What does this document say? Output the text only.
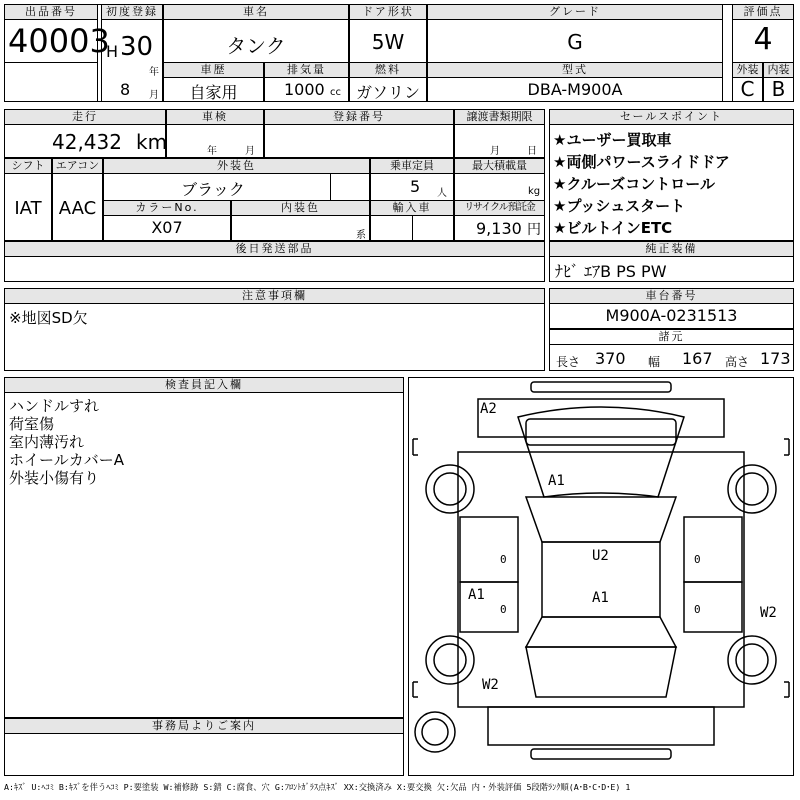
出品番号
40003
初度登録
H 30
年
8 月
車名
タンク
ドア形状
5W
グレード
G
評価点
4
車歴	排気量	燃料	型式	外装 内装
自家用	1000 cc ガソリン	DBA-M900A	C B
走行
42,432 km
車検
年	月
登録番号	譲渡書類期限
月	日
シフト
IAT
エアコン
AAC
外装色
ブラック
乗車定員
5 人
最大積載量
kg
カラーNo.
X07
内装色
系
輸入車	リサイクル預託金
9,130 円
後日発送部品
セールスポイント
★ユーザー買取車
★両側パワースライドドア
★クルーズコントロール
★プッシュスタート
★ビルトインETC
純正装備
ﾅﾋﾞ ｴｱB PS PW
注意事項欄
※地図SD欠
車台番号
M900A-0231513
諸元
長さ 370 幅 167 高さ 173
検査員記入欄
ハンドルすれ
荷室傷
室内薄汚れ
ホイールカバーA
外装小傷有り
事務局よりご案内
A2
A1
U2
A1	A1
W2
W2
0
0
0
0
A:ｷｽﾞ U:ﾍｺﾐ B:ｷｽﾞを伴うﾍｺﾐ P:要塗装 W:補修跡 S:錆 C:腐食、穴 G:ﾌﾛﾝﾄｶﾞﾗｽ点ｷｽﾞ XX:交換済み X:要交換 欠:欠品 内・外装評価 5段階ﾗﾝｸ順(A･B･C･D･E) 1
